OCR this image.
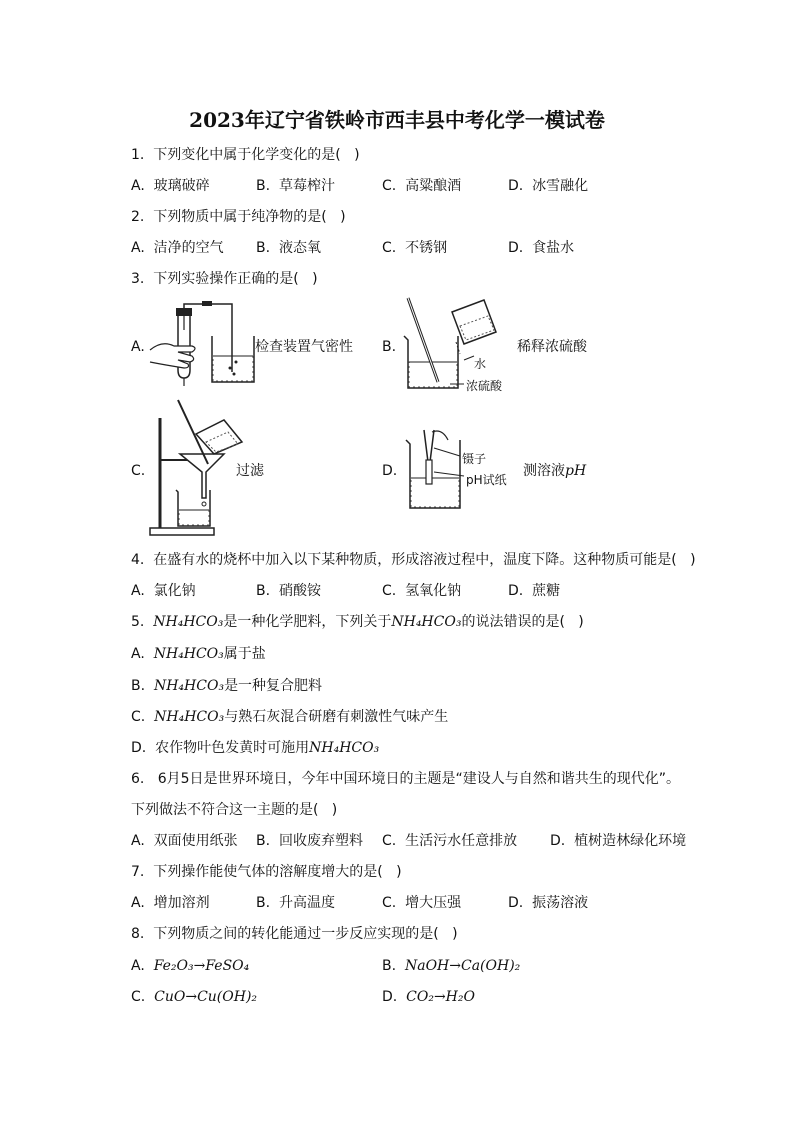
2023年辽宁省铁岭市西丰县中考化学一模试卷
1.  下列变化中属于化学变化的是(   )
A.  玻璃破碎	B.  草莓榨汁	C.  高粱酿酒	D.  冰雪融化
2.  下列物质中属于纯净物的是(   )
A.  洁净的空气 B.  液态氧	C.  不锈钢	D.  食盐水
3.  下列实验操作正确的是(   )
A.	检查装置气密性 B.	稀释浓硫酸
水
浓硫酸
C.	过滤	D.
镊子
pH试纸
测溶液pH
4.  在盛有水的烧杯中加入以下某种物质，形成溶液过程中，温度下降。这种物质可能是(   )
A.  氯化钠	B.  硝酸铵	C.  氢氧化钠	D.  蔗糖
5. NH₄HCO₃是一种化学肥料，下列关于NH₄HCO₃的说法错误的是(   )
A. NH₄HCO₃属于盐
B. NH₄HCO₃是一种复合肥料
C. NH₄HCO₃与熟石灰混合研磨有刺激性气味产生
D. 农作物叶色发黄时可施用NH₄HCO₃
6.   6月5日是世界环境日，今年中国环境日的主题是“建设人与自然和谐共生的现代化”。
下列做法不符合这一主题的是(   )
A.  双面使用纸张 B.  回收废弃塑料 C.  生活污水任意排放 D.  植树造林绿化环境
7.  下列操作能使气体的溶解度增大的是(   )
A.  增加溶剂	B.  升高温度	C.  增大压强	D.  振荡溶液
8.  下列物质之间的转化能通过一步反应实现的是(   )
A. Fe₂O₃→FeSO₄	B. NaOH→Ca(OH)₂
C. CuO→Cu(OH)₂	D. CO₂→H₂O
